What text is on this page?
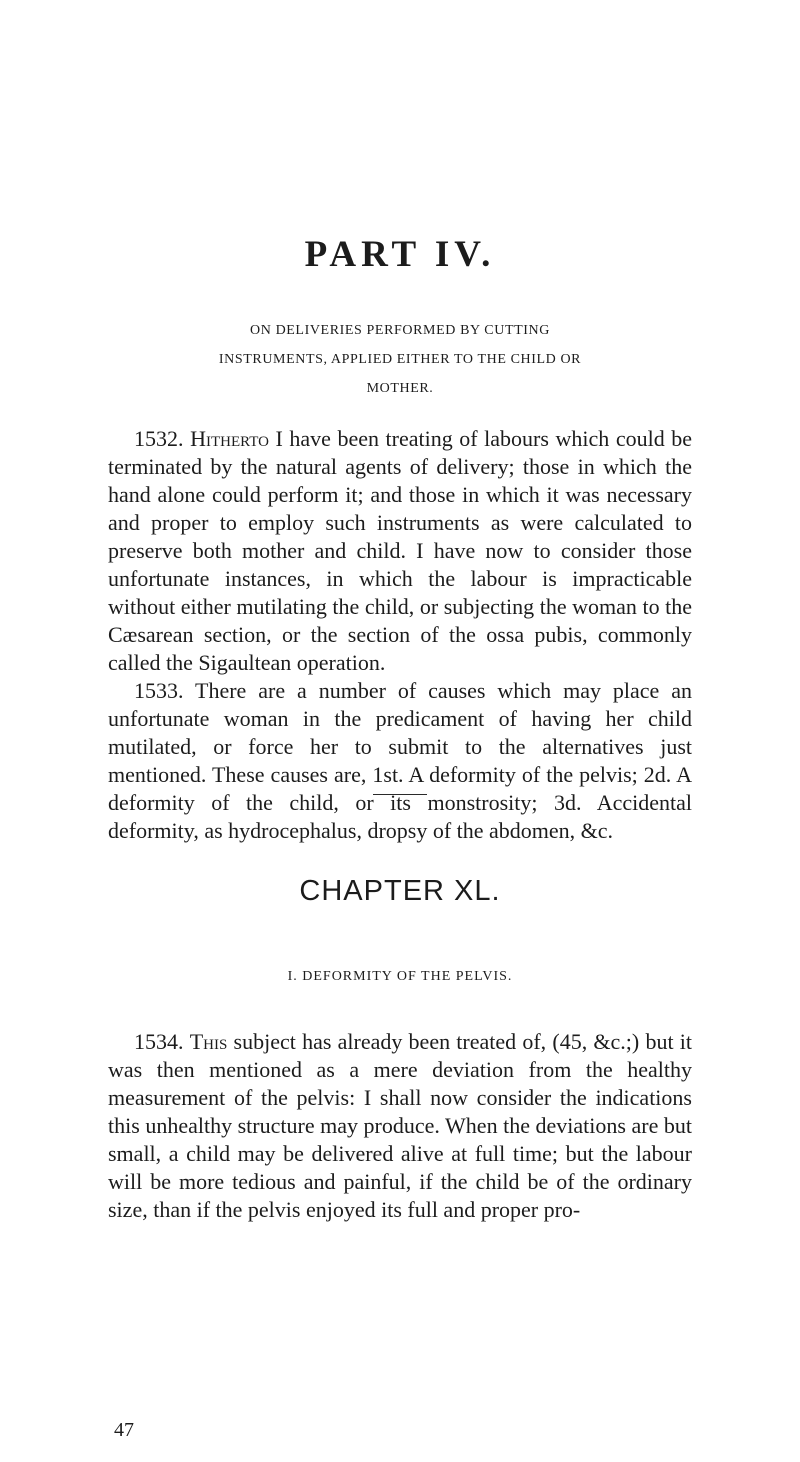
PART IV.
ON DELIVERIES PERFORMED BY CUTTING INSTRUMENTS, APPLIED EITHER TO THE CHILD OR MOTHER.

1532. Hitherto I have been treating of labours which could be terminated by the natural agents of delivery; those in which the hand alone could perform it; and those in which it was necessary and proper to employ such instruments as were calculated to preserve both mother and child. I have now to consider those unfortunate instances, in which the labour is impracticable without either mutilating the child, or subjecting the woman to the Cæsarean section, or the section of the ossa pubis, commonly called the Sigaultean operation.

1533. There are a number of causes which may place an unfortunate woman in the predicament of having her child mutilated, or force her to submit to the alternatives just mentioned. These causes are, 1st. A deformity of the pelvis; 2d. A deformity of the child, or its monstrosity; 3d. Accidental deformity, as hydrocephalus, dropsy of the abdomen, &c.

CHAPTER XL.
I. DEFORMITY OF THE PELVIS.

1534. This subject has already been treated of, (45, &c.;) but it was then mentioned as a mere deviation from the healthy measurement of the pelvis: I shall now consider the indications this unhealthy structure may produce. When the deviations are but small, a child may be delivered alive at full time; but the labour will be more tedious and painful, if the child be of the ordinary size, than if the pelvis enjoyed its full and proper pro-

47
